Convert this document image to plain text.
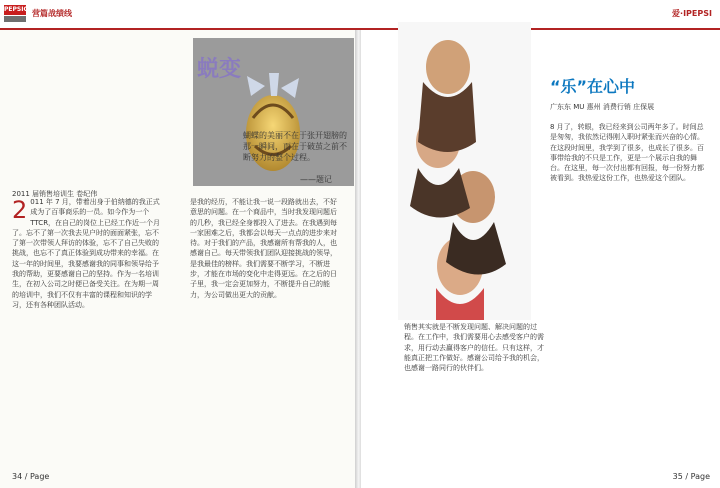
PEPSICO 营篇战绩线	爱·IPEPSI
蜕变
蝴蝶的美丽不在于张开翅膀的那一瞬间，而在于破茧之前不断努力的整个过程。
——题记
2011 届销售培训生 卷纪伟
2 011 年 7 月，带着出身于伯纳德的我正式成为了百事商乐的一员。如今作为一个 TTCR，在自己的岗位上已经工作近一个月了。忘不了第一次我去见户时的面面紧张，忘不了第一次带领人拜访的体验，忘不了自己失败的挑战，也忘不了真正体验到成功带来的幸福。在这一年的时间里，我要感谢我的同事和领导给予我的帮助，更要感谢自己的坚持。作为一名培训生，在初入公司之时便已备受关注。在为期一周的培训中，我们不仅有丰富的课程和知识的学习，还有各种团队活动。
是我的经历，不能让我一说一段路就出去，不好意思的问题。在一个商品中，当时我发现问题后的几秒，我已经全身都投入了进去。在我遇到每一家困难之后，我都会以每天一点点的进步来对待。对于我们的产品，我感谢所有帮我的人，也感谢自己。每天带领我们团队迎接挑战的领导，是我最佳的榜样。我们需要不断学习，不断进步，才能在市场的变化中走得更远。在之后的日子里，我一定会更加努力，不断提升自己的能力，为公司做出更大的贡献。
34 / Page
“乐”在心中
广东东 MU 惠州 消费行销 庄保展
8 月了，转眼，我已经来到公司两年多了。时间总是匆匆，我依然记得刚入职时紧张而兴奋的心情。在这段时间里，我学到了很多，也成长了很多。百事带给我的不只是工作，更是一个展示自我的舞台。在这里，每一次付出都有回报，每一份努力都被看到。我热爱这份工作，也热爱这个团队。
销售其实就是不断发现问题、解决问题的过程。在工作中，我们需要用心去感受客户的需求，用行动去赢得客户的信任。只有这样，才能真正把工作做好。感谢公司给予我的机会，也感谢一路同行的伙伴们。
35 / Page
